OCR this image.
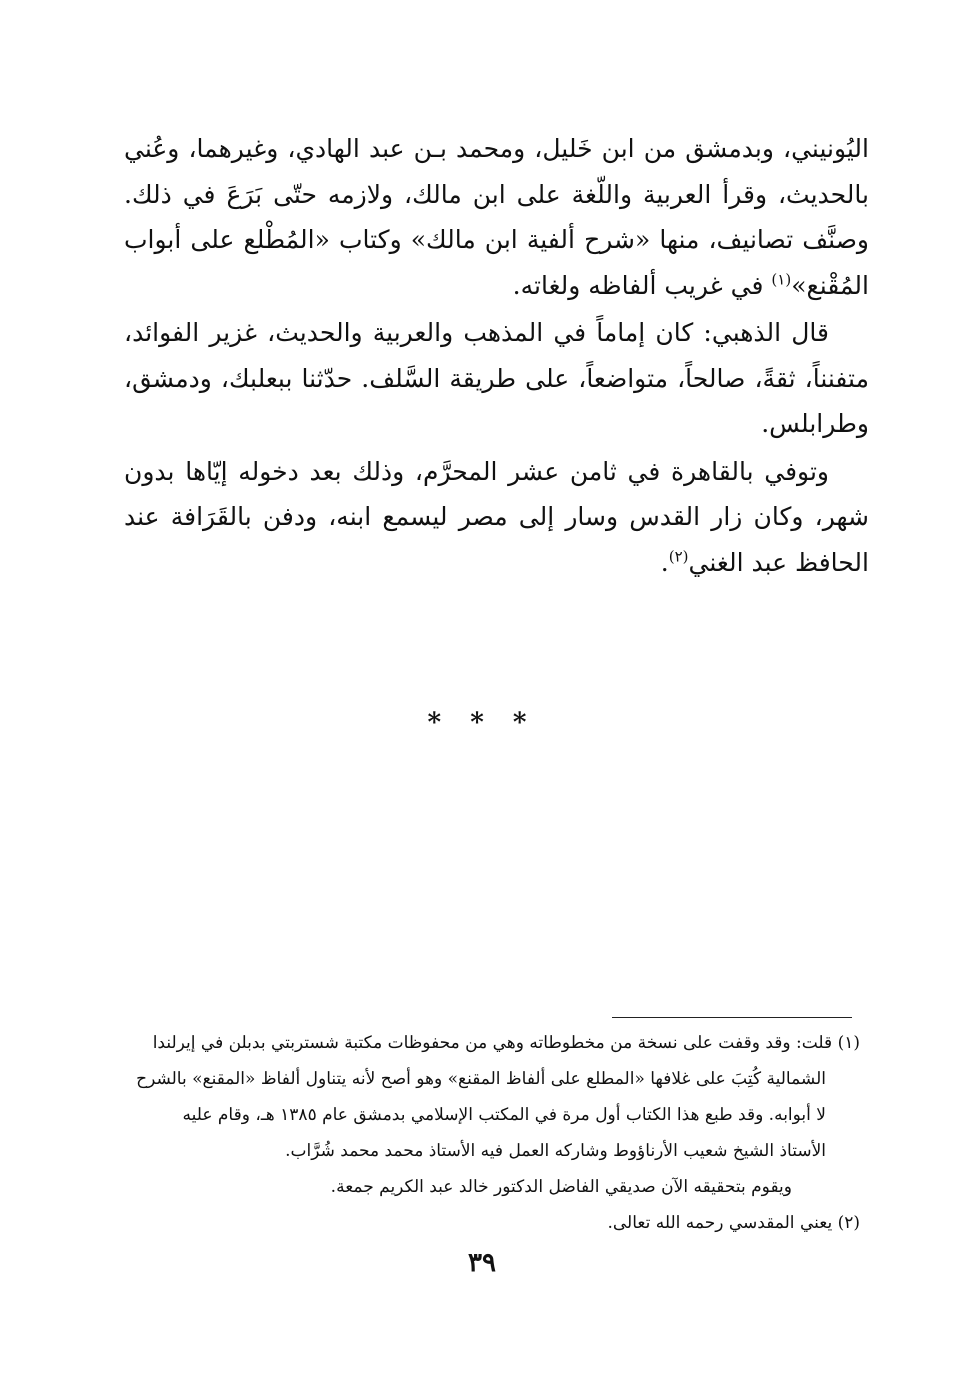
اليُونيني، وبدمشق من ابن خَليل، ومحمد بـن عبد الهادي، وغيرهما، وعُني بالحديث، وقرأ العربية واللّغة على ابن مالك، ولازمه حتّى بَرَعَ في ذلك. وصنَّف تصانيف، منها «شرح ألفية ابن مالك» وكتاب «المُطْلع على أبواب المُقْنع»$^{(١)}$ في غريب ألفاظه ولغاته.

قال الذهبي: كان إماماً في المذهب والعربية والحديث، غزير الفوائد، متفنناً، ثقةً، صالحاً، متواضعاً، على طريقة السَّلف. حدّثنا ببعلبك، ودمشق، وطرابلس.

وتوفي بالقاهرة في ثامن عشر المحرَّم، وذلك بعد دخوله إيّاها بدون شهر، وكان زار القدس وسار إلى مصر ليسمع ابنه، ودفن بالقَرَافة عند الحافظ عبد الغني$^{(٢)}$.

* * *

(١) قلت: وقد وقفت على نسخة من مخطوطاته وهي من محفوظات مكتبة شستربتي بدبلن في إيرلندا

الشمالية كُتِبَ على غلافها «المطلع على ألفاظ المقنع» وهو أصح لأنه يتناول ألفاظ «المقنع» بالشرح

لا أبوابه. وقد طبع هذا الكتاب أول مرة في المكتب الإسلامي بدمشق عام ١٣٨٥ هـ، وقام عليه

الأستاذ الشيخ شعيب الأرناؤوط وشاركه العمل فيه الأستاذ محمد محمد شُرَّاب.

ويقوم بتحقيقه الآن صديقي الفاضل الدكتور خالد عبد الكريم جمعة.

(٢) يعني المقدسي رحمه الله تعالى.

٣٩
